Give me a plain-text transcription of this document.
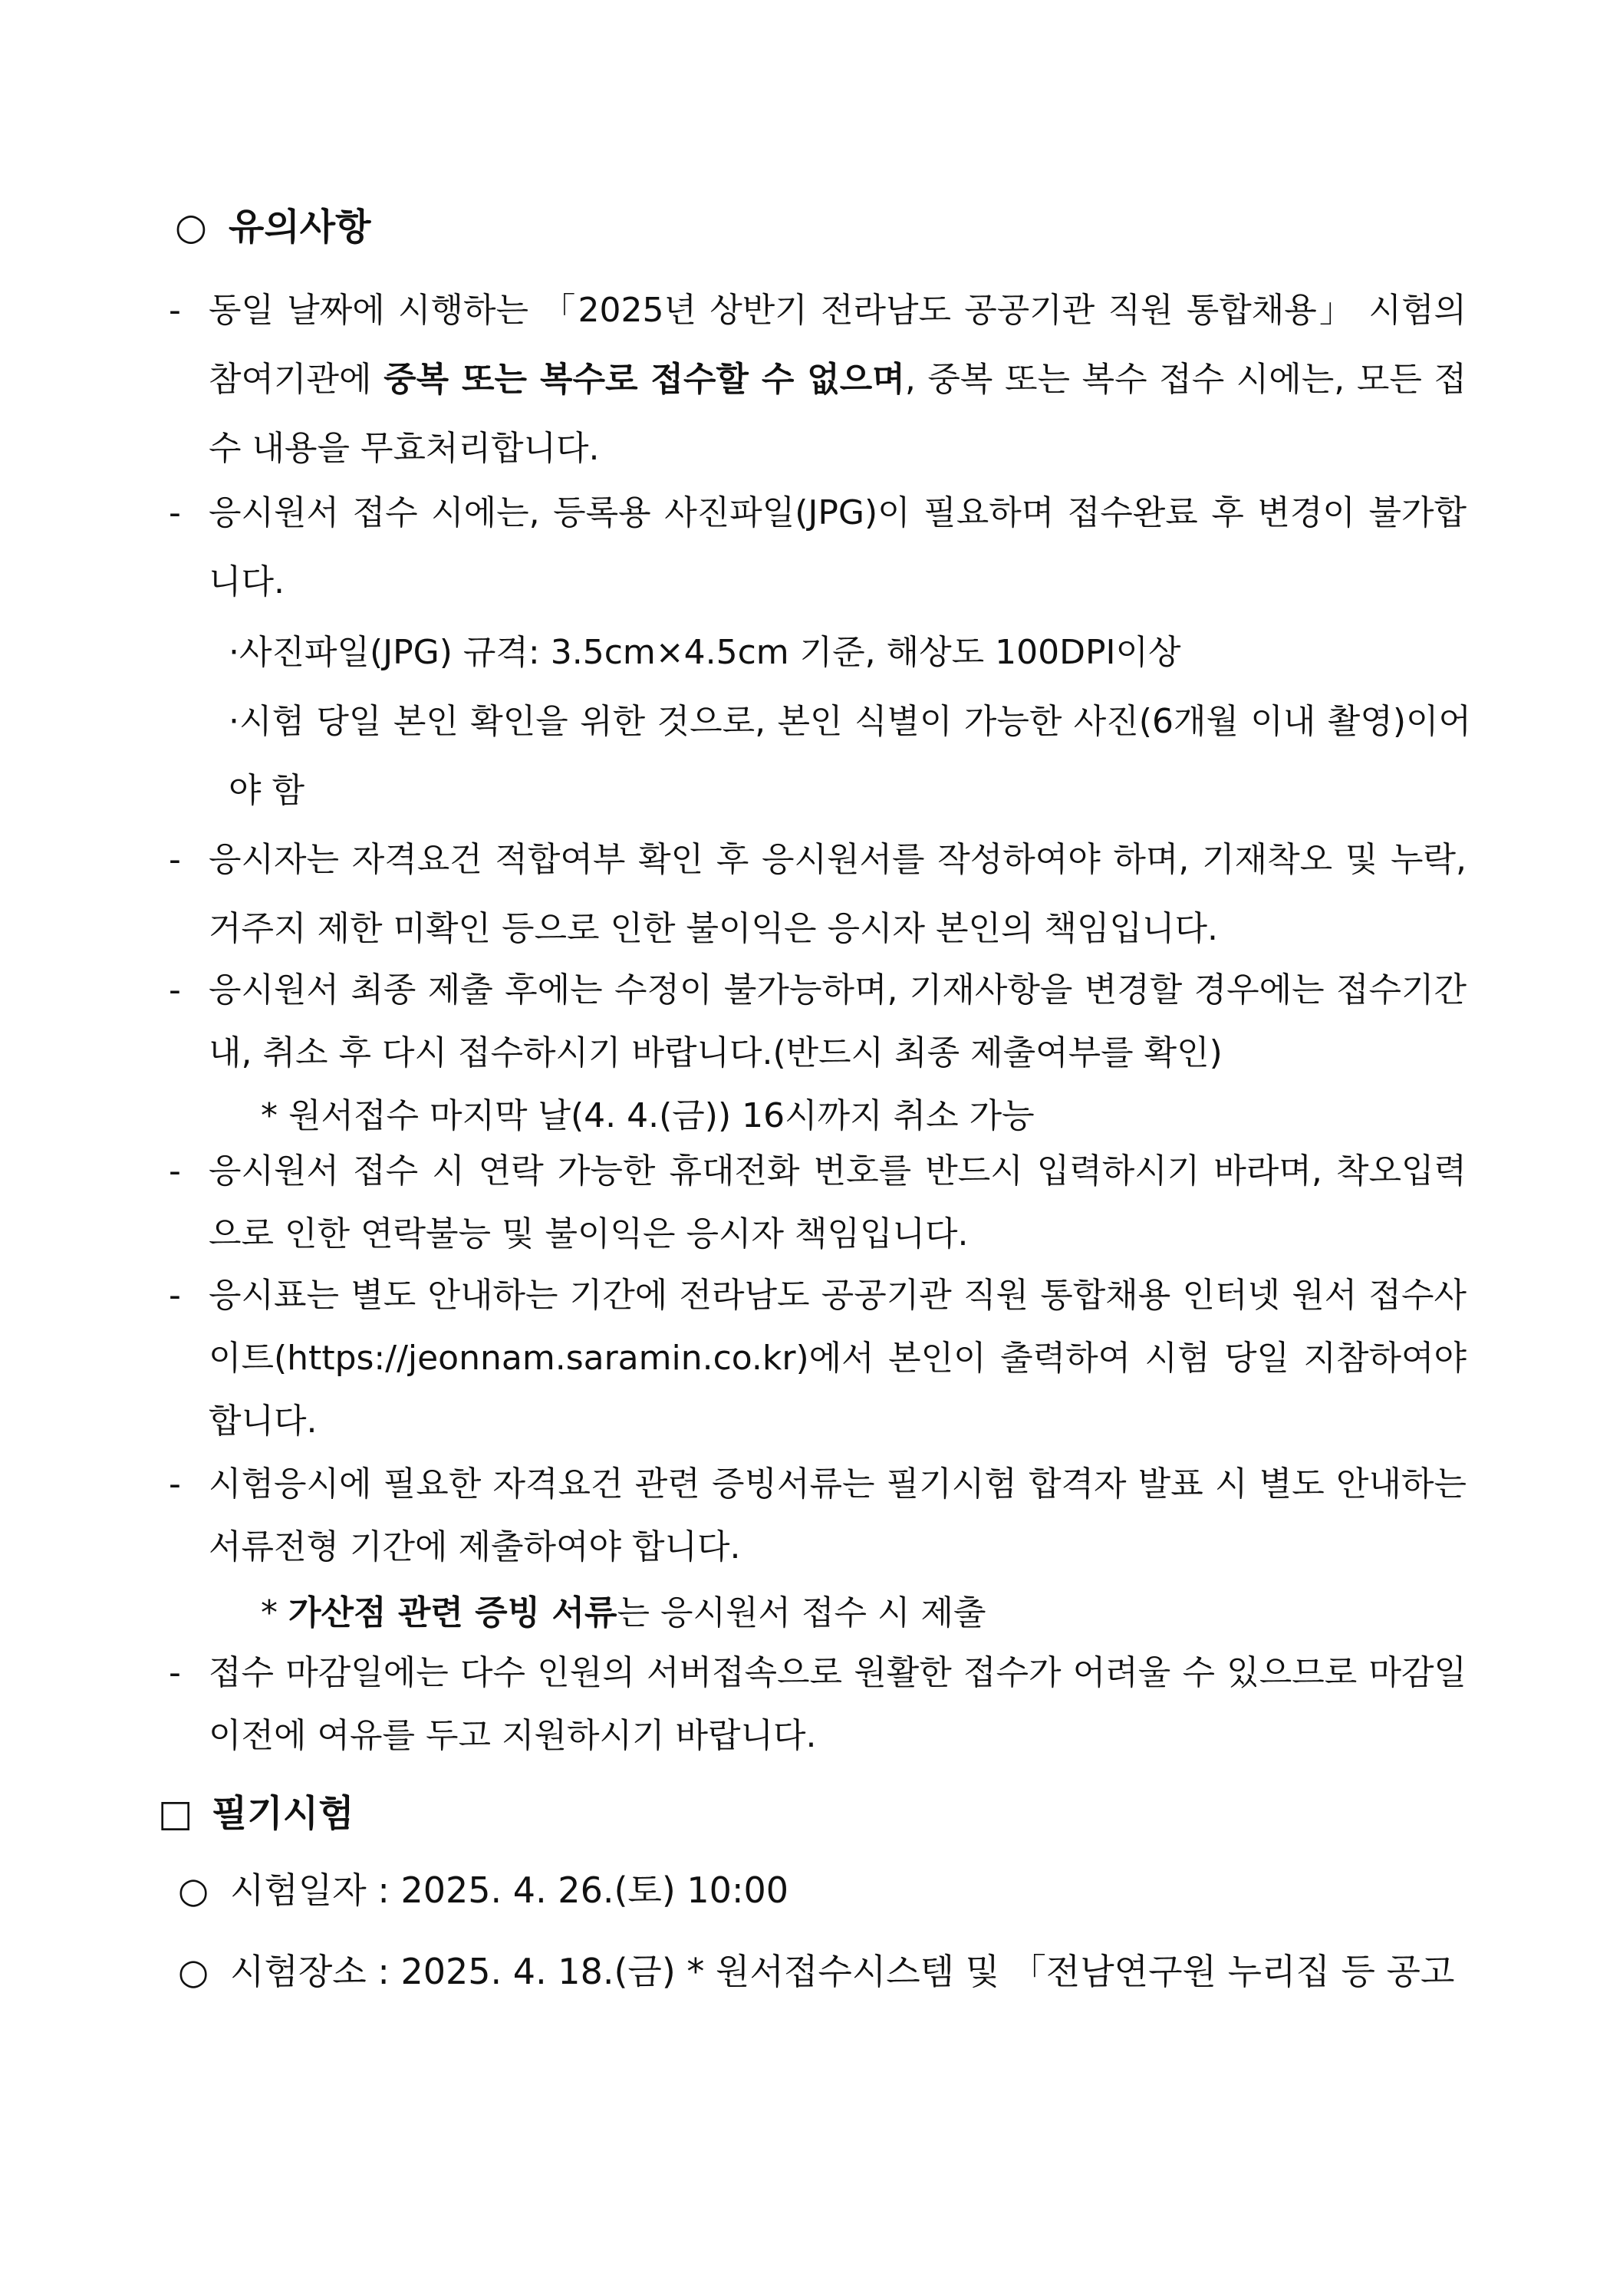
○ 유의사항
- 동일 날짜에 시행하는 「2025년 상반기 전라남도 공공기관 직원 통합채용」 시험의 참여기관에 중복 또는 복수로 접수할 수 없으며, 중복 또는 복수 접수 시에는, 모든 접수 내용을 무효처리합니다.
- 응시원서 접수 시에는, 등록용 사진파일(JPG)이 필요하며 접수완료 후 변경이 불가합니다.
·사진파일(JPG) 규격: 3.5cm×4.5cm 기준, 해상도 100DPI이상
·시험 당일 본인 확인을 위한 것으로, 본인 식별이 가능한 사진(6개월 이내 촬영)이어야 함
- 응시자는 자격요건 적합여부 확인 후 응시원서를 작성하여야 하며, 기재착오 및 누락, 거주지 제한 미확인 등으로 인한 불이익은 응시자 본인의 책임입니다.
- 응시원서 최종 제출 후에는 수정이 불가능하며, 기재사항을 변경할 경우에는 접수기간 내, 취소 후 다시 접수하시기 바랍니다.(반드시 최종 제출여부를 확인)
* 원서접수 마지막 날(4. 4.(금)) 16시까지 취소 가능
- 응시원서 접수 시 연락 가능한 휴대전화 번호를 반드시 입력하시기 바라며, 착오입력으로 인한 연락불능 및 불이익은 응시자 책임입니다.
- 응시표는 별도 안내하는 기간에 전라남도 공공기관 직원 통합채용 인터넷 원서 접수사이트(https://jeonnam.saramin.co.kr)에서 본인이 출력하여 시험 당일 지참하여야 합니다.
- 시험응시에 필요한 자격요건 관련 증빙서류는 필기시험 합격자 발표 시 별도 안내하는 서류전형 기간에 제출하여야 합니다.
* 가산점 관련 증빙 서류는 응시원서 접수 시 제출
- 접수 마감일에는 다수 인원의 서버접속으로 원활한 접수가 어려울 수 있으므로 마감일 이전에 여유를 두고 지원하시기 바랍니다.
□ 필기시험
○ 시험일자 : 2025. 4. 26.(토) 10:00
○ 시험장소 : 2025. 4. 18.(금) * 원서접수시스템 및 「전남연구원 누리집 등 공고
